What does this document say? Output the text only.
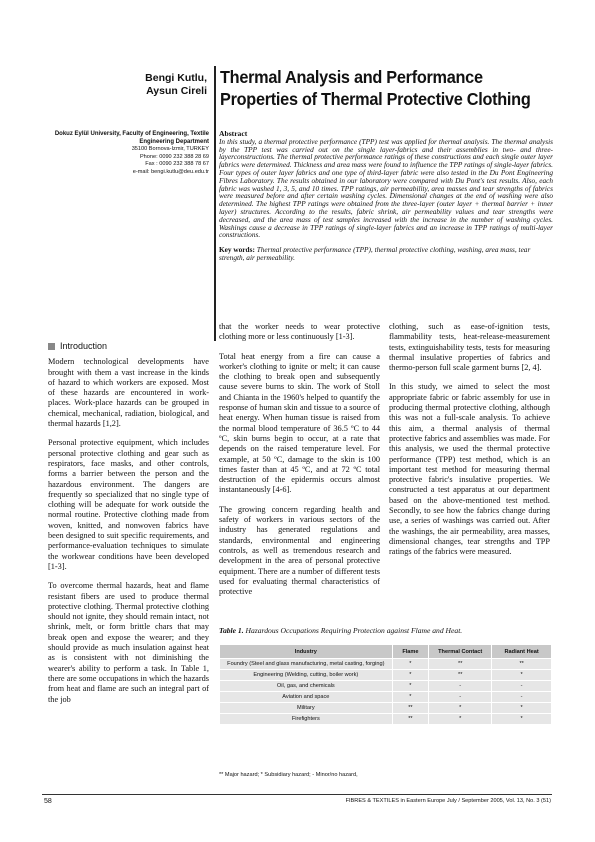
Bengi Kutlu,
Aysun Cireli
Thermal Analysis and Performance
Properties of Thermal Protective Clothing
Dokuz Eylül University, Faculty of Engineering, Textile Engineering Department
35100 Bornova-Izmir, TURKEY
Phone: 0090 232 388 28 69
Fax : 0090 232 388 78 67
e-mail: bengi.kutlu@deu.edu.tr
Abstract
In this study, a thermal protective performance (TPP) test was applied for thermal analysis. The thermal analysis by the TPP test was carried out on the single layer-fabrics and their assemblies in two- and three-layerconstructions. The thermal protective performance ratings of these constructions and each single outer layer fabrics were determined. Thickness and area mass were found to influence the TPP ratings of single-layer fabrics. Four types of outer layer fabrics and one type of third-layer fabric were also tested in the Du Pont Engineering Fibres Laboratory. The results obtained in our laboratory were compared with Du Pont's test results. Also, each fabric was washed 1, 3, 5, and 10 times. TPP ratings, air permeability, area masses and tear strengths of fabrics were measured before and after certain washing cycles. Dimensional changes at the end of washing were also determined. The highest TPP ratings were obtained from the three-layer (outer layer + thermal barrier + inner layer) structures. According to the results, fabric shrink, air permeability values and tear strengths were decreased, and the area mass of test samples increased with the increase in the number of washing cycles. Washings cause a decrease in TPP ratings of single-layer fabrics and an increase in TPP ratings of multi-layer constructions.
Key words: Thermal protective performance (TPP), thermal protective clothing, washing, area mass, tear strength, air permeability.
Introduction

Modern technological developments have brought with them a vast increase in the kinds of hazard to which workers are exposed. Most of these hazards are encountered in work-places. Work-place hazards can be grouped in chemical, mechanical, radiation, biological, and thermal hazards [1,2].

Personal protective equipment, which includes personal protective clothing and gear such as respirators, face masks, and other controls, forms a barrier between the person and the hazardous environment. The dangers are frequently so specialized that no single type of clothing will be adequate for work outside the normal routine. Protective clothing made from woven, knitted, and nonwoven fabrics have been designed to suit specific requirements, and performance-evaluation techniques to simulate the workwear conditions have been developed [1-3].

To overcome thermal hazards, heat and flame resistant fibers are used to produce thermal protective clothing. Thermal protective clothing should not ignite, they should remain intact, not shrink, melt, or form brittle chars that may break open and expose the wearer; and they should provide as much insulation against heat as is consistent with not diminishing the wearer's ability to perform a task. In Table 1, there are some occupations in which the hazards from heat and flame are such an integral part of the job

that the worker needs to wear protective clothing more or less continuously [1-3].

Total heat energy from a fire can cause a worker's clothing to ignite or melt; it can cause the clothing to break open and subsequently cause severe burns to skin. The work of Stoll and Chianta in the 1960's helped to quantify the response of human skin and tissue to a source of heat energy. When human tissue is raised from the normal blood temperature of 36.5 ºC to 44 ºC, skin burns begin to occur, at a rate that depends on the raised temperature level. For example, at 50 ºC, damage to the skin is 100 times faster than at 45 ºC, and at 72 ºC total destruction of the epidermis occurs almost instantaneously [4-6].

The growing concern regarding health and safety of workers in various sectors of the industry has generated regulations and standards, environmental and engineering controls, as well as tremendous research and development in the area of personal protective equipment. There are a number of different tests used for evaluating thermal characteristics of protective

clothing, such as ease-of-ignition tests, flammability tests, heat-release-measurement tests, extinguishability tests, tests for measuring thermal insulative properties of fabrics and thermo-person full scale garment burns [2, 4].

In this study, we aimed to select the most appropriate fabric or fabric assembly for use in producing thermal protective clothing, although this was not a full-scale analysis. To achieve this aim, a thermal analysis of thermal protective fabrics and assemblies was made. For this analysis, we used the thermal protective performance (TPP) test method, which is an important test method for measuring thermal protective fabric's insulative properties. We constructed a test apparatus at our department based on the above-mentioned test method. Secondly, to see how the fabrics change during use, a series of washings was carried out. After the washings, the air permeability, area masses, dimensional changes, tear strengths and TPP ratings of the fabrics were measured.

Table 1. Hazardous Occupations Requiring Protection against Flame and Heat.
Industry	Flame	Thermal Contact	Radiant Heat
Foundry (Steel and glass manufacturing, metal casting, forging)	*	**	**
Engineering (Welding, cutting, boiler work)	*	**	*
Oil, gas, and chemicals	*	-	-
Aviation and space	*	-	-
Military	**	*	*
Firefighters	**	*	*
** Major hazard; * Subsidiary hazard; - Minor/no hazard,
58	FIBRES & TEXTILES in Eastern Europe July / September 2005, Vol. 13, No. 3 (51)
